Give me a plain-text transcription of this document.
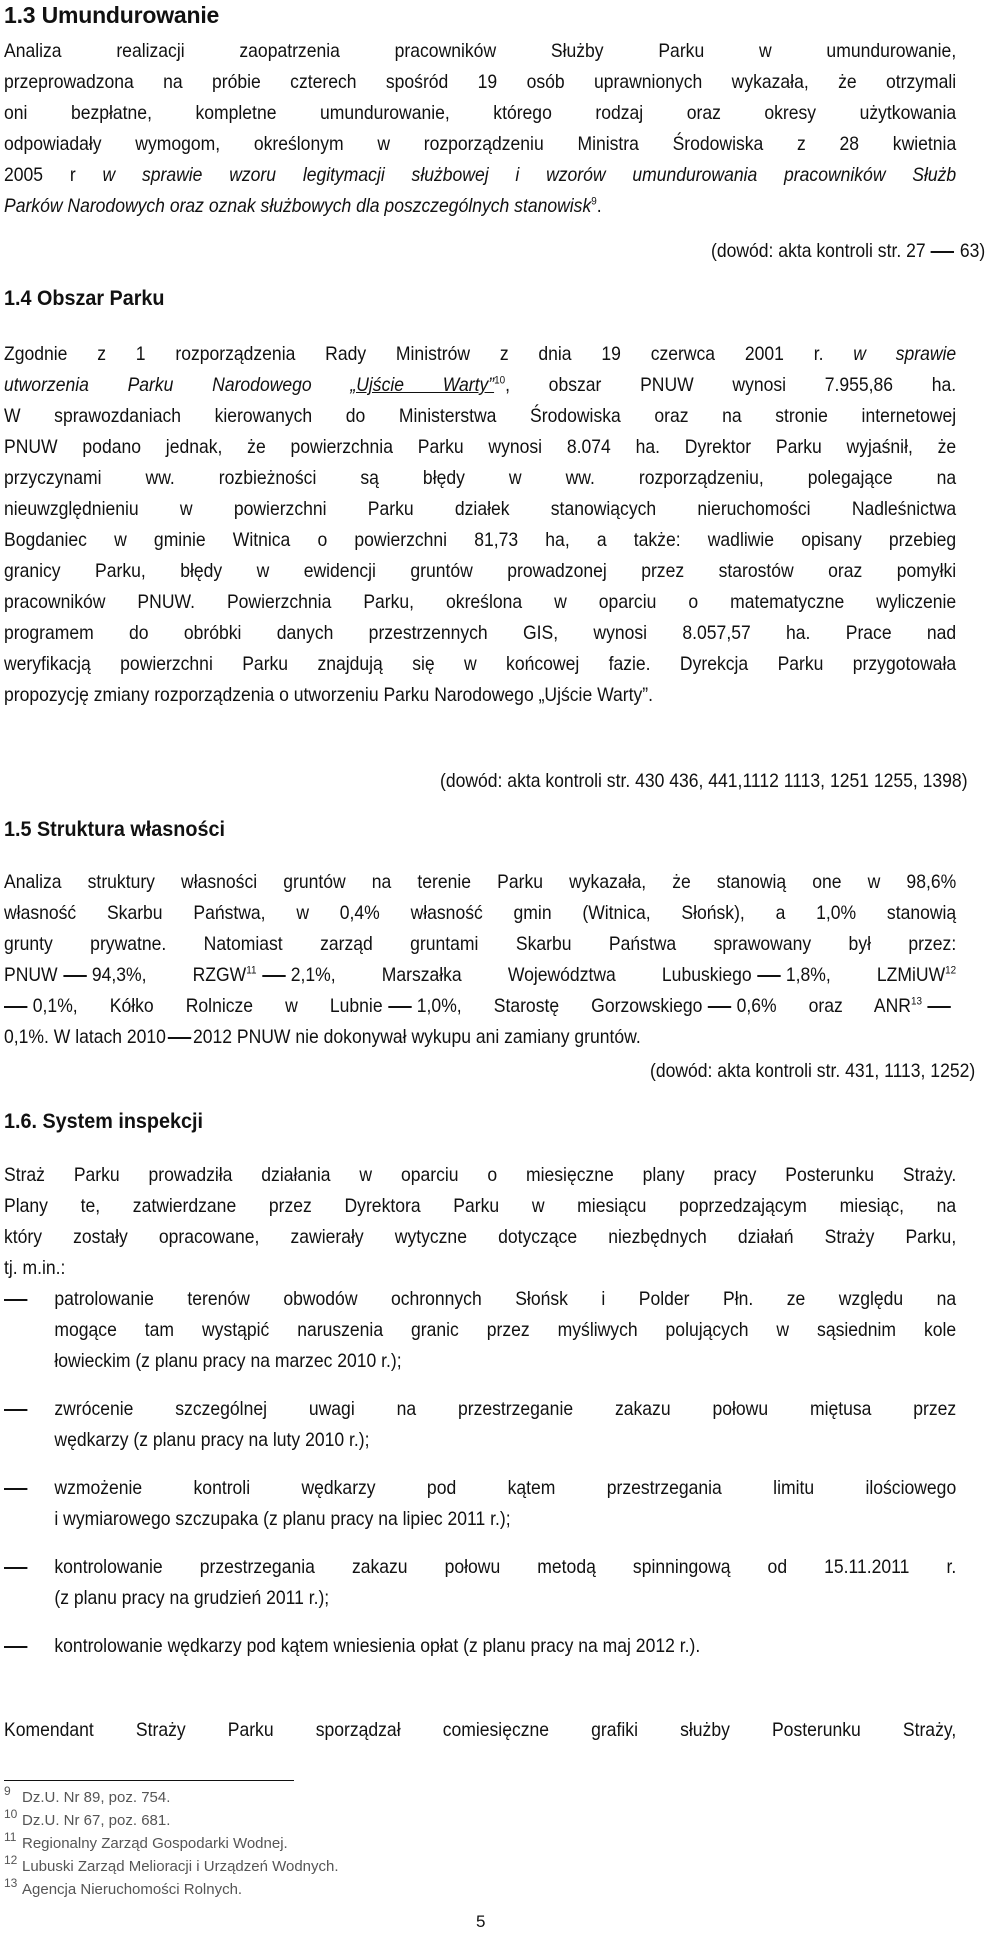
1.3 Umundurowanie
Analiza realizacji zaopatrzenia pracowników Służby Parku w umundurowanie,
przeprowadzona na próbie czterech spośród 19 osób uprawnionych wykazała, że otrzymali
oni bezpłatne, kompletne umundurowanie, którego rodzaj oraz okresy użytkowania
odpowiadały wymogom, określonym w rozporządzeniu Ministra Środowiska z 28 kwietnia
2005 r w sprawie wzoru legitymacji służbowej i wzorów umundurowania pracowników Służb
Parków Narodowych oraz oznak służbowych dla poszczególnych stanowisk$^9$.
(dowód: akta kontroli str. 27 63)
1.4 Obszar Parku
Zgodnie z 1 rozporządzenia Rady Ministrów z dnia 19 czerwca 2001 r. w sprawie
utworzenia Parku Narodowego „Ujście Warty”$^{10}$, obszar PNUW wynosi 7.955,86 ha.
W sprawozdaniach kierowanych do Ministerstwa Środowiska oraz na stronie internetowej
PNUW podano jednak, że powierzchnia Parku wynosi 8.074 ha. Dyrektor Parku wyjaśnił, że
przyczynami ww. rozbieżności są błędy w ww. rozporządzeniu, polegające na
nieuwzględnieniu w powierzchni Parku działek stanowiących nieruchomości Nadleśnictwa
Bogdaniec w gminie Witnica o powierzchni 81,73 ha, a także: wadliwie opisany przebieg
granicy Parku, błędy w ewidencji gruntów prowadzonej przez starostów oraz pomyłki
pracowników PNUW. Powierzchnia Parku, określona w oparciu o matematyczne wyliczenie
programem do obróbki danych przestrzennych GIS, wynosi 8.057,57 ha. Prace nad
weryfikacją powierzchni Parku znajdują się w końcowej fazie. Dyrekcja Parku przygotowała
propozycję zmiany rozporządzenia o utworzeniu Parku Narodowego „Ujście Warty”.
(dowód: akta kontroli str. 430 436, 441,1112 1113, 1251 1255, 1398)
1.5 Struktura własności
Analiza struktury własności gruntów na terenie Parku wykazała, że stanowią one w 98,6%
własność Skarbu Państwa, w 0,4% własność gmin (Witnica, Słońsk), a 1,0% stanowią
grunty prywatne. Natomiast zarząd gruntami Skarbu Państwa sprawowany był przez:
PNUW 94,3%, RZGW$^{11}$ 2,1%, Marszałka Województwa Lubuskiego 1,8%, LZMiUW$^{12}$
0,1%, Kółko Rolnicze w Lubnie 1,0%, Starostę Gorzowskiego 0,6% oraz ANR$^{13}$
0,1%. W latach 2010 2012 PNUW nie dokonywał wykupu ani zamiany gruntów.
(dowód: akta kontroli str. 431, 1113, 1252)
1.6. System inspekcji
Straż Parku prowadziła działania w oparciu o miesięczne plany pracy Posterunku Straży.
Plany te, zatwierdzane przez Dyrektora Parku w miesiącu poprzedzającym miesiąc, na
który zostały opracowane, zawierały wytyczne dotyczące niezbędnych działań Straży Parku,
tj. m.in.:
patrolowanie terenów obwodów ochronnych Słońsk i Polder Płn. ze względu na
mogące tam wystąpić naruszenia granic przez myśliwych polujących w sąsiednim kole
łowieckim (z planu pracy na marzec 2010 r.);
zwrócenie szczególnej uwagi na przestrzeganie zakazu połowu miętusa przez
wędkarzy (z planu pracy na luty 2010 r.);
wzmożenie kontroli wędkarzy pod kątem przestrzegania limitu ilościowego
i wymiarowego szczupaka (z planu pracy na lipiec 2011 r.);
kontrolowanie przestrzegania zakazu połowu metodą spinningową od 15.11.2011 r.
(z planu pracy na grudzień 2011 r.);
kontrolowanie wędkarzy pod kątem wniesienia opłat (z planu pracy na maj 2012 r.).
Komendant Straży Parku sporządzał comiesięczne grafiki służby Posterunku Straży,
9 Dz.U. Nr 89, poz. 754.
10 Dz.U. Nr 67, poz. 681.
11 Regionalny Zarząd Gospodarki Wodnej.
12 Lubuski Zarząd Melioracji i Urządzeń Wodnych.
13 Agencja Nieruchomości Rolnych.
5
